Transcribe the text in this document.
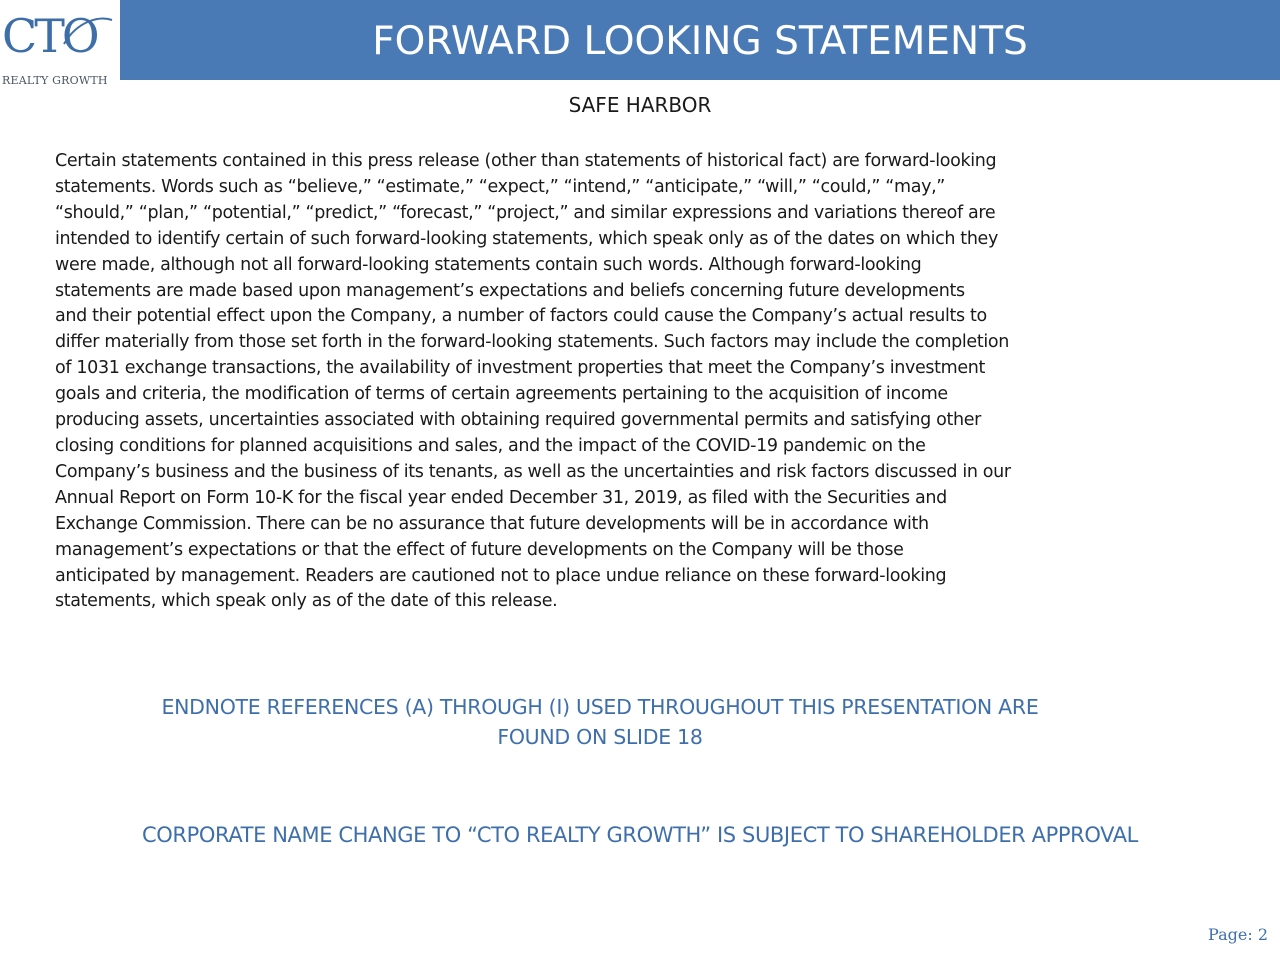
CTO
REALTY GROWTH
FORWARD LOOKING STATEMENTS
SAFE HARBOR
Certain statements contained in this press release (other than statements of historical fact) are forward-looking
statements. Words such as “believe,” “estimate,” “expect,” “intend,” “anticipate,” “will,” “could,” “may,”
“should,” “plan,” “potential,” “predict,” “forecast,” “project,” and similar expressions and variations thereof are
intended to identify certain of such forward-looking statements, which speak only as of the dates on which they
were made, although not all forward-looking statements contain such words. Although forward-looking
statements are made based upon management’s expectations and beliefs concerning future developments
and their potential effect upon the Company, a number of factors could cause the Company’s actual results to
differ materially from those set forth in the forward-looking statements. Such factors may include the completion
of 1031 exchange transactions, the availability of investment properties that meet the Company’s investment
goals and criteria, the modification of terms of certain agreements pertaining to the acquisition of income
producing assets, uncertainties associated with obtaining required governmental permits and satisfying other
closing conditions for planned acquisitions and sales, and the impact of the COVID-19 pandemic on the
Company’s business and the business of its tenants, as well as the uncertainties and risk factors discussed in our
Annual Report on Form 10-K for the fiscal year ended December 31, 2019, as filed with the Securities and
Exchange Commission. There can be no assurance that future developments will be in accordance with
management’s expectations or that the effect of future developments on the Company will be those
anticipated by management. Readers are cautioned not to place undue reliance on these forward-looking
statements, which speak only as of the date of this release.
ENDNOTE REFERENCES (A) THROUGH (I) USED THROUGHOUT THIS PRESENTATION ARE
FOUND ON SLIDE 18
CORPORATE NAME CHANGE TO “CTO REALTY GROWTH” IS SUBJECT TO SHAREHOLDER APPROVAL
Page: 2
